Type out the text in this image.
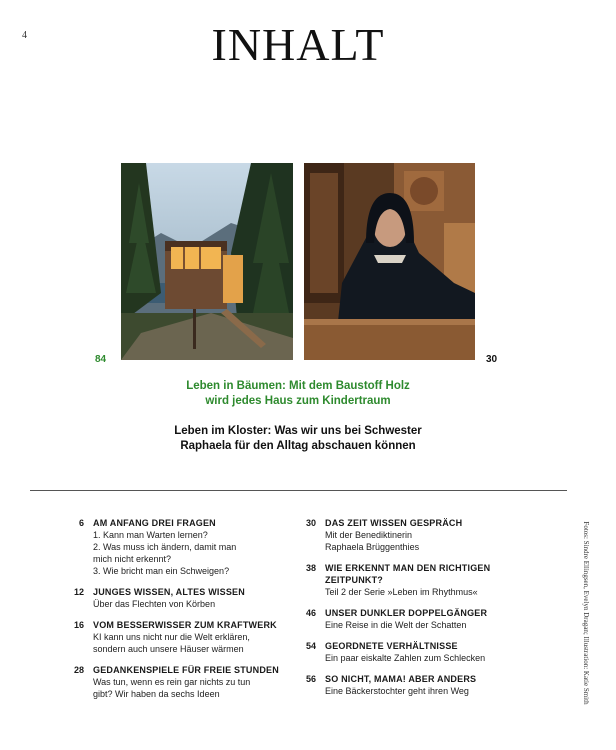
4	INHALT
84	30

Leben in Bäumen: Mit dem Baustoff Holz
wird jedes Haus zum Kindertraum

Leben im Kloster: Was wir uns bei Schwester
Raphaela für den Alltag abschauen können

6	AM ANFANG DREI FRAGEN
1. Kann man Warten lernen?
2. Was muss ich ändern, damit man
mich nicht erkennt?
3. Wie bricht man ein Schweigen?
12	JUNGES WISSEN, ALTES WISSEN
Über das Flechten von Körben
16	VOM BESSERWISSER ZUM KRAFTWERK
KI kann uns nicht nur die Welt erklären,
sondern auch unsere Häuser wärmen
28	GEDANKENSPIELE FÜR FREIE STUNDEN
Was tun, wenn es rein gar nichts zu tun
gibt? Wir haben da sechs Ideen
30	DAS ZEIT WISSEN GESPRÄCH
Mit der Benediktinerin
Raphaela Brüggenthies
38	WIE ERKENNT MAN DEN RICHTIGEN
ZEITPUNKT?
Teil 2 der Serie »Leben im Rhythmus«
46	UNSER DUNKLER DOPPELGÄNGER
Eine Reise in die Welt der Schatten
54	GEORDNETE VERHÄLTNISSE
Ein paar eiskalte Zahlen zum Schlecken
56	SO NICHT, MAMA! ABER ANDERS
Eine Bäckerstochter geht ihren Weg	Fotos: Sindre Ellingsen, Evelyn Dragan; Illustration: Katie Smith
